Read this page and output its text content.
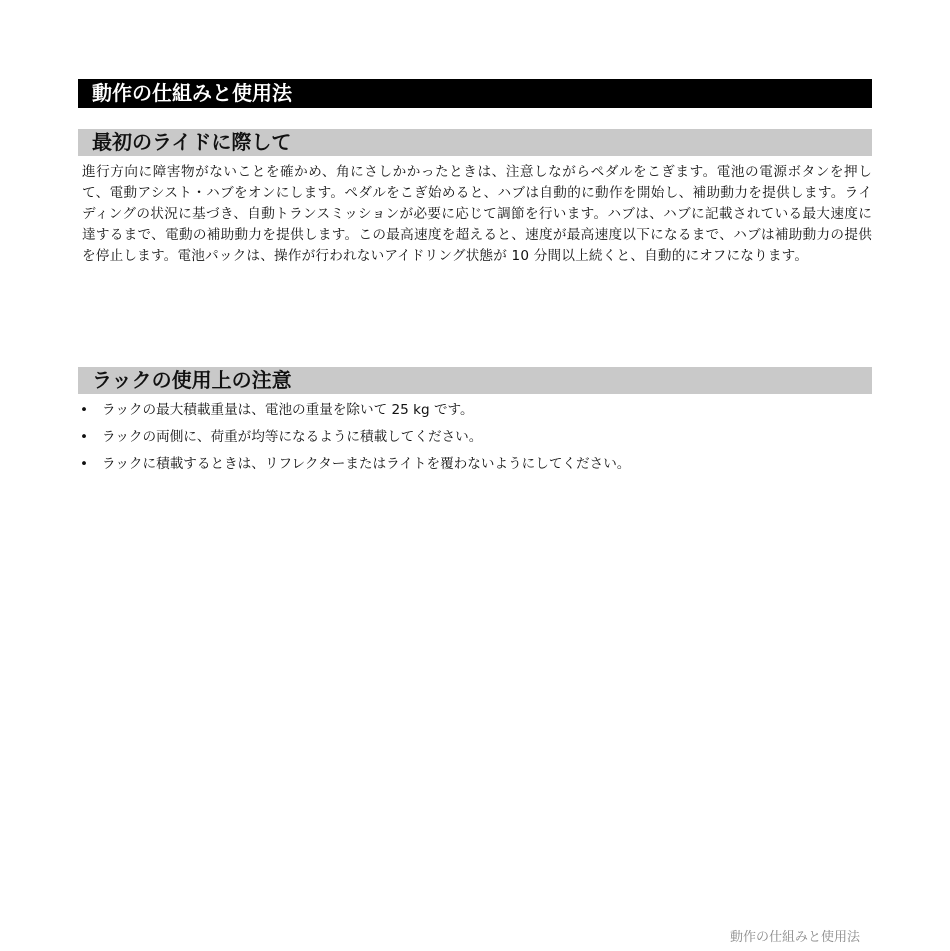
動作の仕組みと使用法
最初のライドに際して
進行方向に障害物がないことを確かめ、角にさしかかったときは、注意しながらペダルをこぎます。電池の電源ボタンを押して、電動アシスト・ハブをオンにします。ペダルをこぎ始めると、ハブは自動的に動作を開始し、補助動力を提供します。ライディングの状況に基づき、自動トランスミッションが必要に応じて調節を行います。ハブは、ハブに記載されている最大速度に達するまで、電動の補助動力を提供します。この最高速度を超えると、速度が最高速度以下になるまで、ハブは補助動力の提供を停止します。電池パックは、操作が行われないアイドリング状態が 10 分間以上続くと、自動的にオフになります。
ラックの使用上の注意
•	ラックの最大積載重量は、電池の重量を除いて 25 kg です。
•	ラックの両側に、荷重が均等になるように積載してください。
•	ラックに積載するときは、リフレクターまたはライトを覆わないようにしてください。
動作の仕組みと使用法
